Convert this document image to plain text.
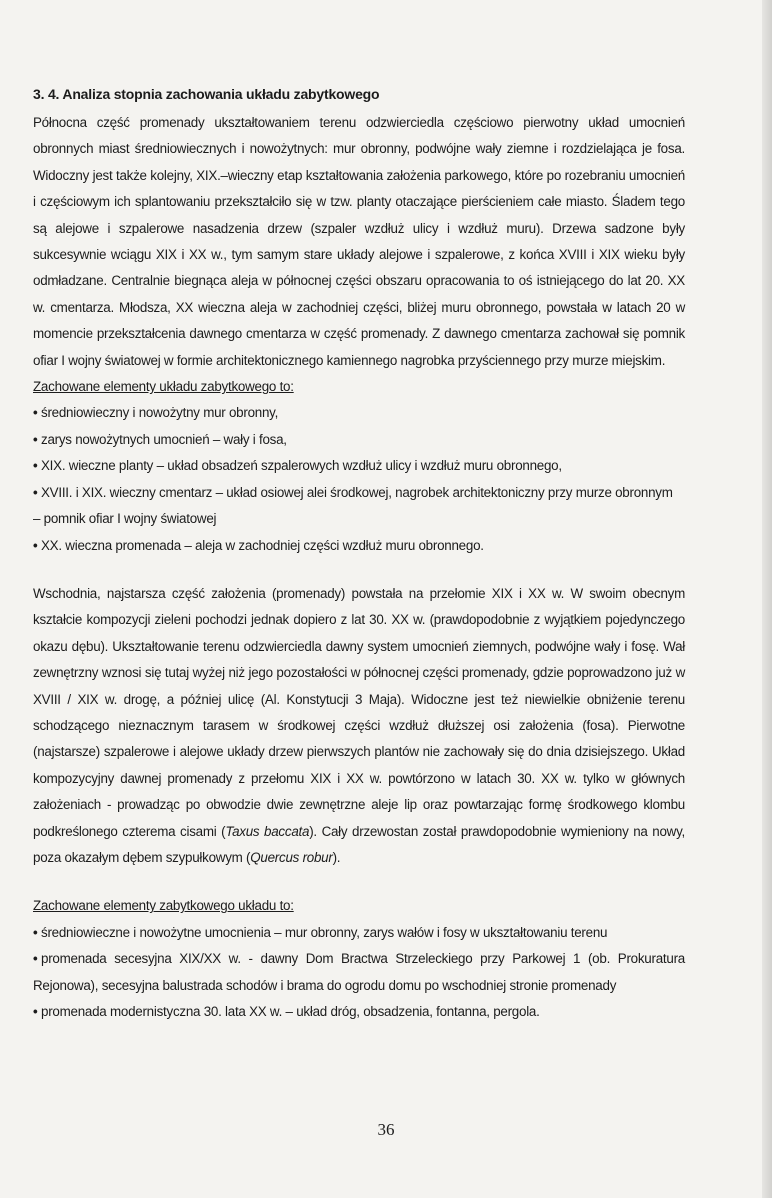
3. 4. Analiza stopnia zachowania układu zabytkowego

Północna część promenady ukształtowaniem terenu odzwierciedla częściowo pierwotny układ umocnień obronnych miast średniowiecznych i nowożytnych: mur obronny, podwójne wały ziemne i rozdzielająca je fosa. Widoczny jest także kolejny, XIX.–wieczny etap kształtowania założenia parkowego, które po rozebraniu umocnień i częściowym ich splantowaniu przekształciło się w tzw. planty otaczające pierścieniem całe miasto. Śladem tego są alejowe i szpalerowe nasadzenia drzew (szpaler wzdłuż ulicy i wzdłuż muru). Drzewa sadzone były sukcesywnie wciągu XIX i XX w., tym samym stare układy alejowe i szpalerowe, z końca XVIII i XIX wieku były odmładzane. Centralnie biegnąca aleja w północnej części obszaru opracowania to oś istniejącego do lat 20. XX w. cmentarza. Młodsza, XX wieczna aleja w zachodniej części, bliżej muru obronnego, powstała w latach 20 w momencie przekształcenia dawnego cmentarza w część promenady. Z dawnego cmentarza zachował się pomnik ofiar I wojny światowej w formie architektonicznego kamiennego nagrobka przyściennego przy murze miejskim.

Zachowane elementy układu zabytkowego to:

• średniowieczny i nowożytny mur obronny,
• zarys nowożytnych umocnień – wały i fosa,
• XIX. wieczne planty – układ obsadzeń szpalerowych wzdłuż ulicy i wzdłuż muru obronnego,
• XVIII. i XIX. wieczny cmentarz – układ osiowej alei środkowej, nagrobek architektoniczny przy murze obronnym
– pomnik ofiar I wojny światowej
• XX. wieczna promenada – aleja w zachodniej części wzdłuż muru obronnego.

Wschodnia, najstarsza część założenia (promenady) powstała na przełomie XIX i XX w. W swoim obecnym kształcie kompozycji zieleni pochodzi jednak dopiero z lat 30. XX w. (prawdopodobnie z wyjątkiem pojedynczego okazu dębu). Ukształtowanie terenu odzwierciedla dawny system umocnień ziemnych, podwójne wały i fosę. Wał zewnętrzny wznosi się tutaj wyżej niż jego pozostałości w północnej części promenady, gdzie poprowadzono już w XVIII / XIX w. drogę, a później ulicę (Al. Konstytucji 3 Maja). Widoczne jest też niewielkie obniżenie terenu schodzącego nieznacznym tarasem w środkowej części wzdłuż dłuższej osi założenia (fosa). Pierwotne (najstarsze) szpalerowe i alejowe układy drzew pierwszych plantów nie zachowały się do dnia dzisiejszego. Układ kompozycyjny dawnej promenady z przełomu XIX i XX w. powtórzono w latach 30. XX w. tylko w głównych założeniach - prowadząc po obwodzie dwie zewnętrzne aleje lip oraz powtarzając formę środkowego klombu podkreślonego czterema cisami (Taxus baccata). Cały drzewostan został prawdopodobnie wymieniony na nowy, poza okazałym dębem szypułkowym (Quercus robur).

Zachowane elementy zabytkowego układu to:

• średniowieczne i nowożytne umocnienia – mur obronny, zarys wałów i fosy w ukształtowaniu terenu
• promenada secesyjna XIX/XX w. - dawny Dom Bractwa Strzeleckiego przy Parkowej 1 (ob. Prokuratura Rejonowa), secesyjna balustrada schodów i brama do ogrodu domu po wschodniej stronie promenady
• promenada modernistyczna 30. lata XX w. – układ dróg, obsadzenia, fontanna, pergola.
36
